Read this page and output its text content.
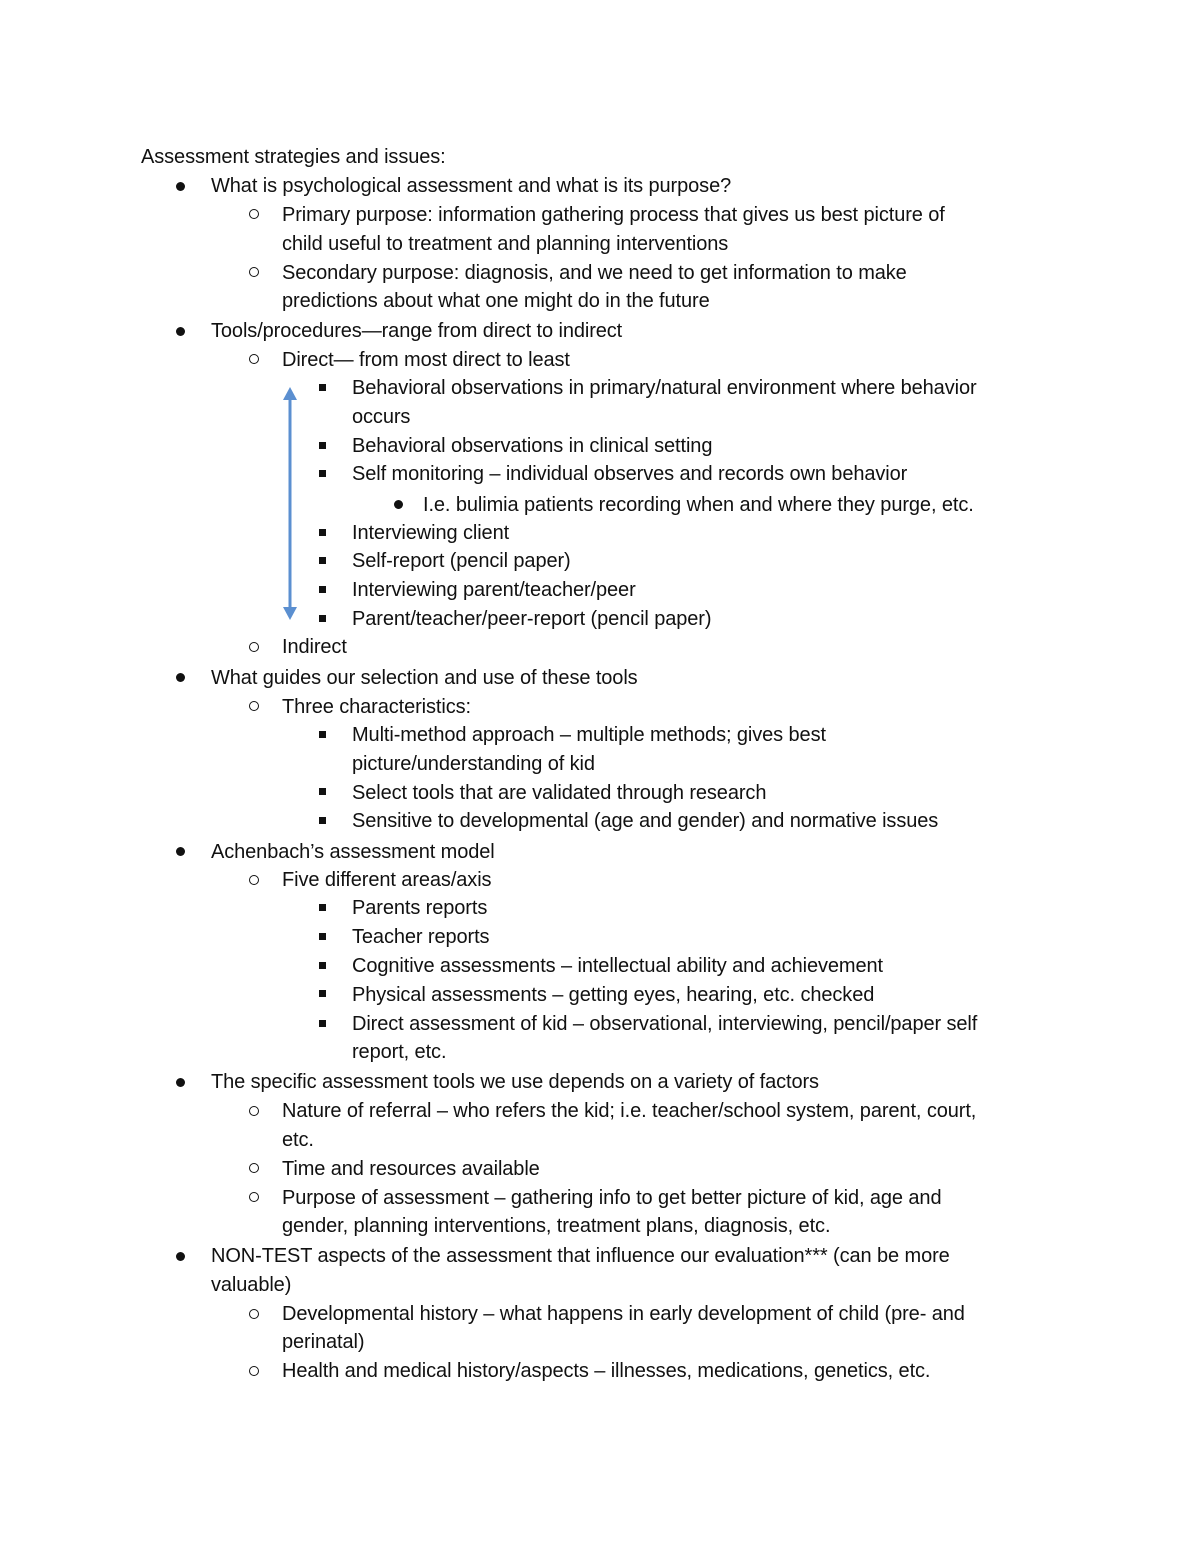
Assessment strategies and issues:
What is psychological assessment and what is its purpose?
Primary purpose: information gathering process that gives us best picture of
child useful to treatment and planning interventions
Secondary purpose: diagnosis, and we need to get information to make
predictions about what one might do in the future
Tools/procedures—range from direct to indirect
Direct— from most direct to least
Behavioral observations in primary/natural environment where behavior
occurs
Behavioral observations in clinical setting
Self monitoring – individual observes and records own behavior
I.e. bulimia patients recording when and where they purge, etc.
Interviewing client
Self-report (pencil paper)
Interviewing parent/teacher/peer
Parent/teacher/peer-report (pencil paper)
Indirect
What guides our selection and use of these tools
Three characteristics:
Multi-method approach – multiple methods; gives best
picture/understanding of kid
Select tools that are validated through research
Sensitive to developmental (age and gender) and normative issues
Achenbach’s assessment model
Five different areas/axis
Parents reports
Teacher reports
Cognitive assessments – intellectual ability and achievement
Physical assessments – getting eyes, hearing, etc. checked
Direct assessment of kid – observational, interviewing, pencil/paper self
report, etc.
The specific assessment tools we use depends on a variety of factors
Nature of referral – who refers the kid; i.e. teacher/school system, parent, court,
etc.
Time and resources available
Purpose of assessment – gathering info to get better picture of kid, age and
gender, planning interventions, treatment plans, diagnosis, etc.
NON-TEST aspects of the assessment that influence our evaluation*** (can be more
valuable)
Developmental history – what happens in early development of child (pre- and
perinatal)
Health and medical history/aspects – illnesses, medications, genetics, etc.
